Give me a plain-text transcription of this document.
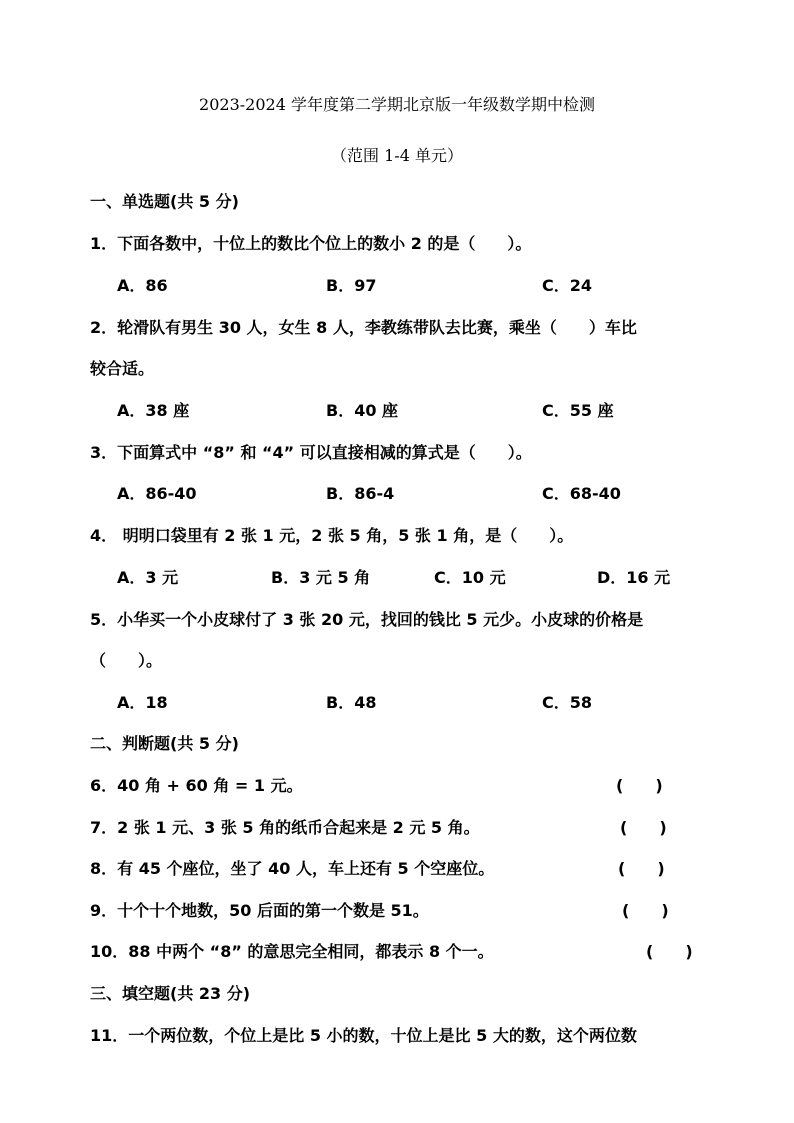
2023-2024 学年度第二学期北京版一年级数学期中检测
（范围 1-4 单元）
一、单选题(共 5 分)
1．下面各数中，十位上的数比个位上的数小 2 的是（　　）。
A．86	B．97	C．24
2．轮滑队有男生 30 人，女生 8 人，李教练带队去比赛，乘坐（　　）车比
较合适。
A．38 座	B．40 座	C．55 座
3．下面算式中 “8” 和 “4” 可以直接相减的算式是（　　）。
A．86-40	B．86-4	C．68-40
4． 明明口袋里有 2 张 1 元，2 张 5 角，5 张 1 角，是（　　）。
A．3 元	B．3 元 5 角	C．10 元	D．16 元
5．小华买一个小皮球付了 3 张 20 元，找回的钱比 5 元少。小皮球的价格是
（　　）。
A．18	B．48	C．58
二、判断题(共 5 分)
6．40 角 + 60 角 = 1 元。	(　　)
7．2 张 1 元、3 张 5 角的纸币合起来是 2 元 5 角。	(　　)
8．有 45 个座位，坐了 40 人，车上还有 5 个空座位。	(　　)
9．十个十个地数，50 后面的第一个数是 51。	(　　)
10．88 中两个 “8” 的意思完全相同，都表示 8 个一。	(　　)
三、填空题(共 23 分)
11．一个两位数，个位上是比 5 小的数，十位上是比 5 大的数，这个两位数
